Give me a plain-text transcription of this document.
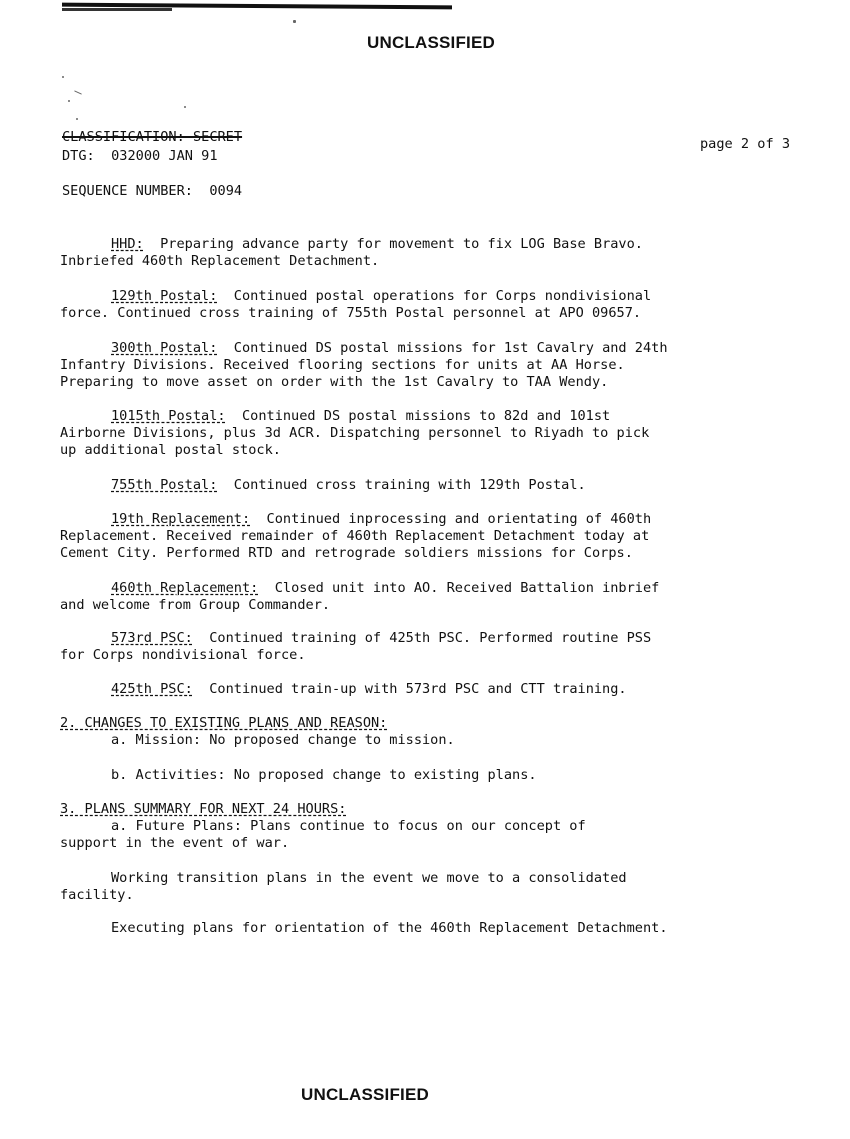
UNCLASSIFIED
CLASSIFICATION: SECRET
DTG: 032000 JAN 91
page 2 of 3
SEQUENCE NUMBER: 0094
HHD: Preparing advance party for movement to fix LOG Base Bravo.
Inbriefed 460th Replacement Detachment.
129th Postal: Continued postal operations for Corps nondivisional
force. Continued cross training of 755th Postal personnel at APO 09657.
300th Postal: Continued DS postal missions for 1st Cavalry and 24th
Infantry Divisions. Received flooring sections for units at AA Horse.
Preparing to move asset on order with the 1st Cavalry to TAA Wendy.
1015th Postal: Continued DS postal missions to 82d and 101st
Airborne Divisions, plus 3d ACR. Dispatching personnel to Riyadh to pick
up additional postal stock.
755th Postal: Continued cross training with 129th Postal.
19th Replacement: Continued inprocessing and orientating of 460th
Replacement. Received remainder of 460th Replacement Detachment today at
Cement City. Performed RTD and retrograde soldiers missions for Corps.
460th Replacement: Closed unit into AO. Received Battalion inbrief
and welcome from Group Commander.
573rd PSC: Continued training of 425th PSC. Performed routine PSS
for Corps nondivisional force.
425th PSC: Continued train-up with 573rd PSC and CTT training.
2. CHANGES TO EXISTING PLANS AND REASON:
a. Mission: No proposed change to mission.
b. Activities: No proposed change to existing plans.
3. PLANS SUMMARY FOR NEXT 24 HOURS:
a. Future Plans: Plans continue to focus on our concept of
support in the event of war.
Working transition plans in the event we move to a consolidated
facility.
Executing plans for orientation of the 460th Replacement Detachment.
UNCLASSIFIED
